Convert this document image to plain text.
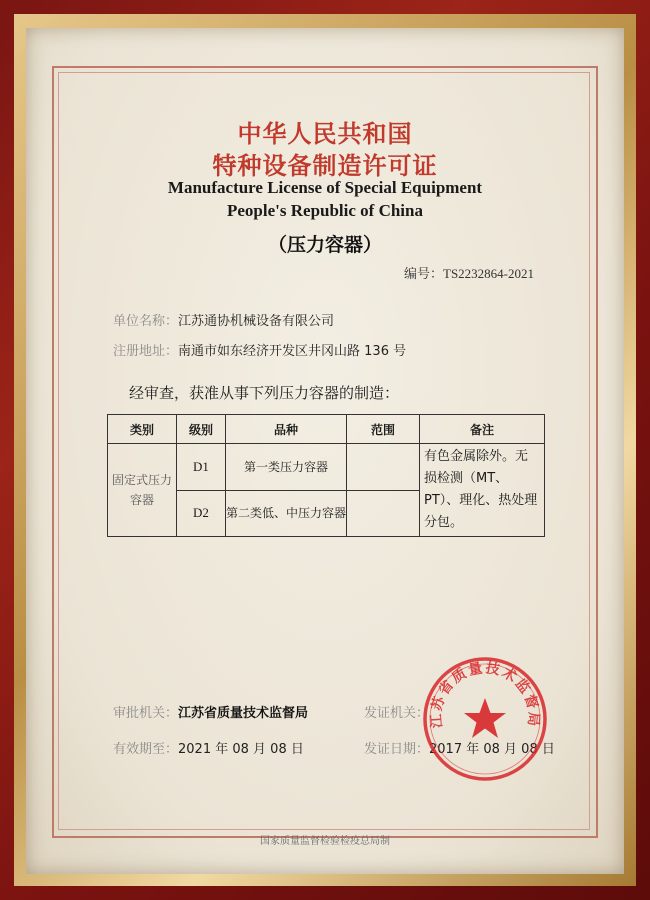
中华人民共和国
特种设备制造许可证
Manufacture License of Special Equipment
People's Republic of China
（压力容器）
编号：TS2232864-2021
单位名称：江苏通协机械设备有限公司
注册地址：南通市如东经济开发区井冈山路 136 号
经审查，获准从事下列压力容器的制造：
类别	级别	品种	范围	备注
固定式压力容器	D1	第一类压力容器		有色金属除外。无损检测（MT、PT）、理化、热处理分包。
	D2	第二类低、中压力容器		
审批机关：江苏省质量技术监督局	发证机关：
有效期至：2021 年 08 月 08 日	发证日期：2017 年 08 月 08 日
江苏省质量技术监督局
国家质量监督检验检疫总局制
